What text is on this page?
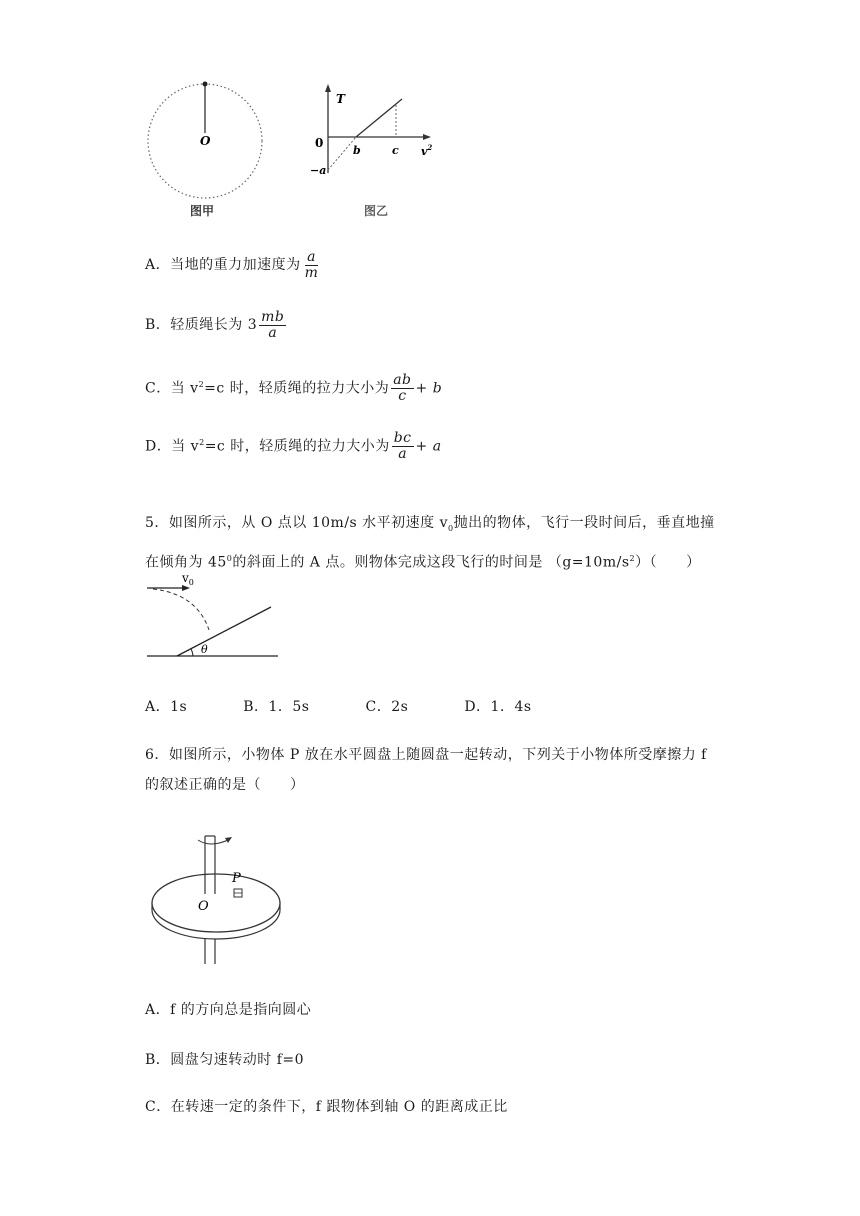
O
图甲
T
0
−a
b	c $v^2$
图乙
A．当地的重力加速度为 $\frac{a}{m}$
B．轻质绳长为 $3 \frac{mb}{a}$
C．当 $v^2=c$ 时，轻质绳的拉力大小为 $\frac{ab}{c} + b$
D．当 $v^2=c$ 时，轻质绳的拉力大小为 $\frac{bc}{a} + a$
5．如图所示，从 O 点以 10m/s 水平初速度 $v_0$抛出的物体，飞行一段时间后，垂直地撞
在倾角为 $45^0$的斜面上的 A 点。则物体完成这段飞行的时间是 $(g=10m/s^2)$（　　）
$v_0$
θ
A．1s	B．1．5s	C．2s	D．1．4s
6．如图所示，小物体 P 放在水平圆盘上随圆盘一起转动，下列关于小物体所受摩擦力 f
的叙述正确的是（　　）
P
O
A．f 的方向总是指向圆心
B．圆盘匀速转动时 f=0
C．在转速一定的条件下，f 跟物体到轴 O 的距离成正比
